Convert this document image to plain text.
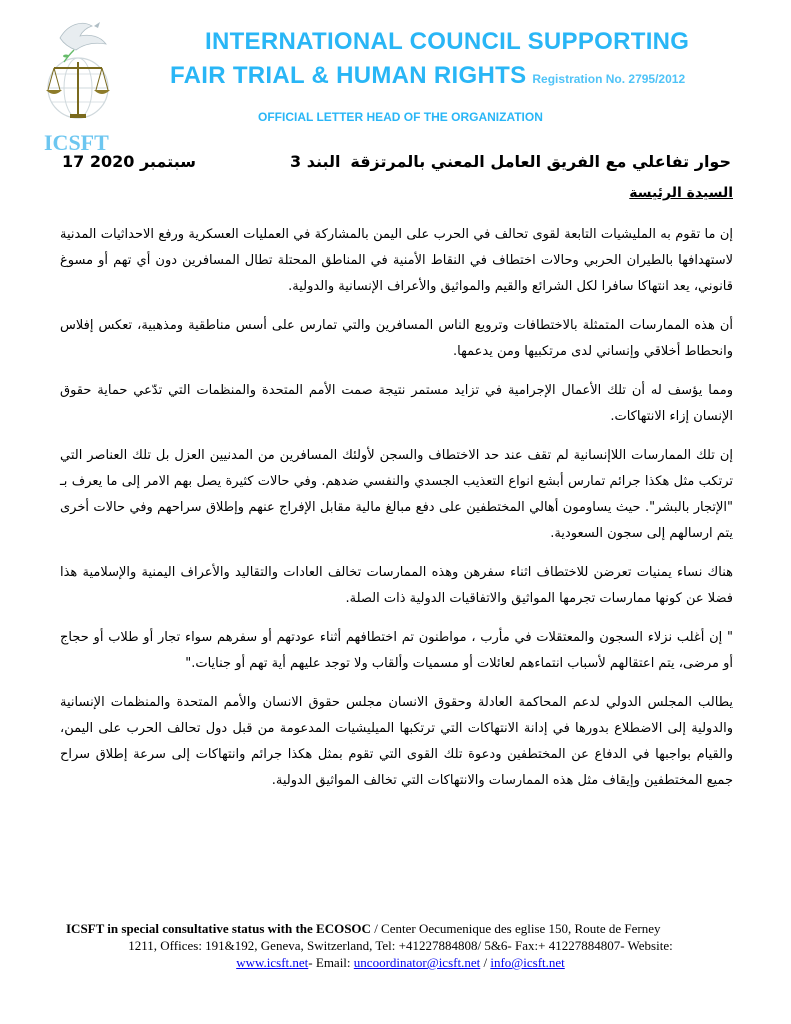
INTERNATIONAL COUNCIL SUPPORTING
FAIR TRIAL & HUMAN RIGHTS Registration No. 2795/2012
OFFICIAL LETTER HEAD OF THE ORGANIZATION
ICSFT
حوار تفاعلي مع الفريق العامل المعني بالمرتزقة
البند 3
17 سبتمبر 2020
السيدة الرئيسة

إن ما تقوم به المليشيات التابعة لقوى تحالف في الحرب على اليمن بالمشاركة في العمليات العسكرية ورفع الاحداثيات المدنية لاستهدافها بالطيران الحربي وحالات اختطاف في النقاط الأمنية في المناطق المحتلة تطال المسافرين دون أي تهم أو مسوغ قانوني، يعد انتهاكا سافرا لكل الشرائع والقيم والمواثيق والأعراف الإنسانية والدولية.

أن هذه الممارسات المتمثلة بالاختطافات وترويع الناس المسافرين والتي تمارس على أسس مناطقية ومذهبية، تعكس إفلاس وانحطاط أخلاقي وإنساني لدى مرتكبيها ومن يدعمها.

ومما يؤسف له أن تلك الأعمال الإجرامية في تزايد مستمر نتيجة صمت الأمم المتحدة والمنظمات التي تدّعي حماية حقوق الإنسان إزاء الانتهاكات.

إن تلك الممارسات اللاإنسانية لم تقف عند حد الاختطاف والسجن لأولئك المسافرين من المدنيين العزل بل تلك العناصر التي ترتكب مثل هكذا جرائم تمارس أبشع انواع التعذيب الجسدي والنفسي ضدهم. وفي حالات كثيرة يصل بهم الامر إلى ما يعرف بـ "الإتجار بالبشر". حيث يساومون أهالي المختطفين على دفع مبالغ مالية مقابل الإفراج عنهم وإطلاق سراحهم وفي حالات أخرى يتم ارسالهم إلى سجون السعودية.

هناك نساء يمنيات تعرضن للاختطاف اثناء سفرهن وهذه الممارسات تخالف العادات والتقاليد والأعراف اليمنية والإسلامية هذا فضلا عن كونها ممارسات تجرمها المواثيق والاتفاقيات الدولية ذات الصلة.

" إن أغلب نزلاء السجون والمعتقلات في مأرب ، مواطنون تم اختطافهم أثناء عودتهم أو سفرهم سواء تجار أو طلاب أو حجاج أو مرضى، يتم اعتقالهم لأسباب انتماءهم لعائلات أو مسميات وألقاب ولا توجد عليهم أية تهم أو جنايات."

يطالب المجلس الدولي لدعم المحاكمة العادلة وحقوق الانسان مجلس حقوق الانسان والأمم المتحدة والمنظمات الإنسانية والدولية إلى الاضطلاع بدورها في إدانة الانتهاكات التي ترتكبها الميليشيات المدعومة من قبل دول تحالف الحرب على اليمن، والقيام بواجبها في الدفاع عن المختطفين ودعوة تلك القوى التي تقوم بمثل هكذا جرائم وانتهاكات إلى سرعة إطلاق سراح جميع المختطفين وإيقاف مثل هذه الممارسات والانتهاكات التي تخالف المواثيق الدولية.

ICSFT in special consultative status with the ECOSOC / Center Oecumenique des eglise 150, Route de Ferney
1211, Offices: 191&192, Geneva, Switzerland, Tel: +41227884808/ 5&6- Fax:+ 41227884807- Website:
www.icsft.net- Email: uncoordinator@icsft.net / info@icsft.net
